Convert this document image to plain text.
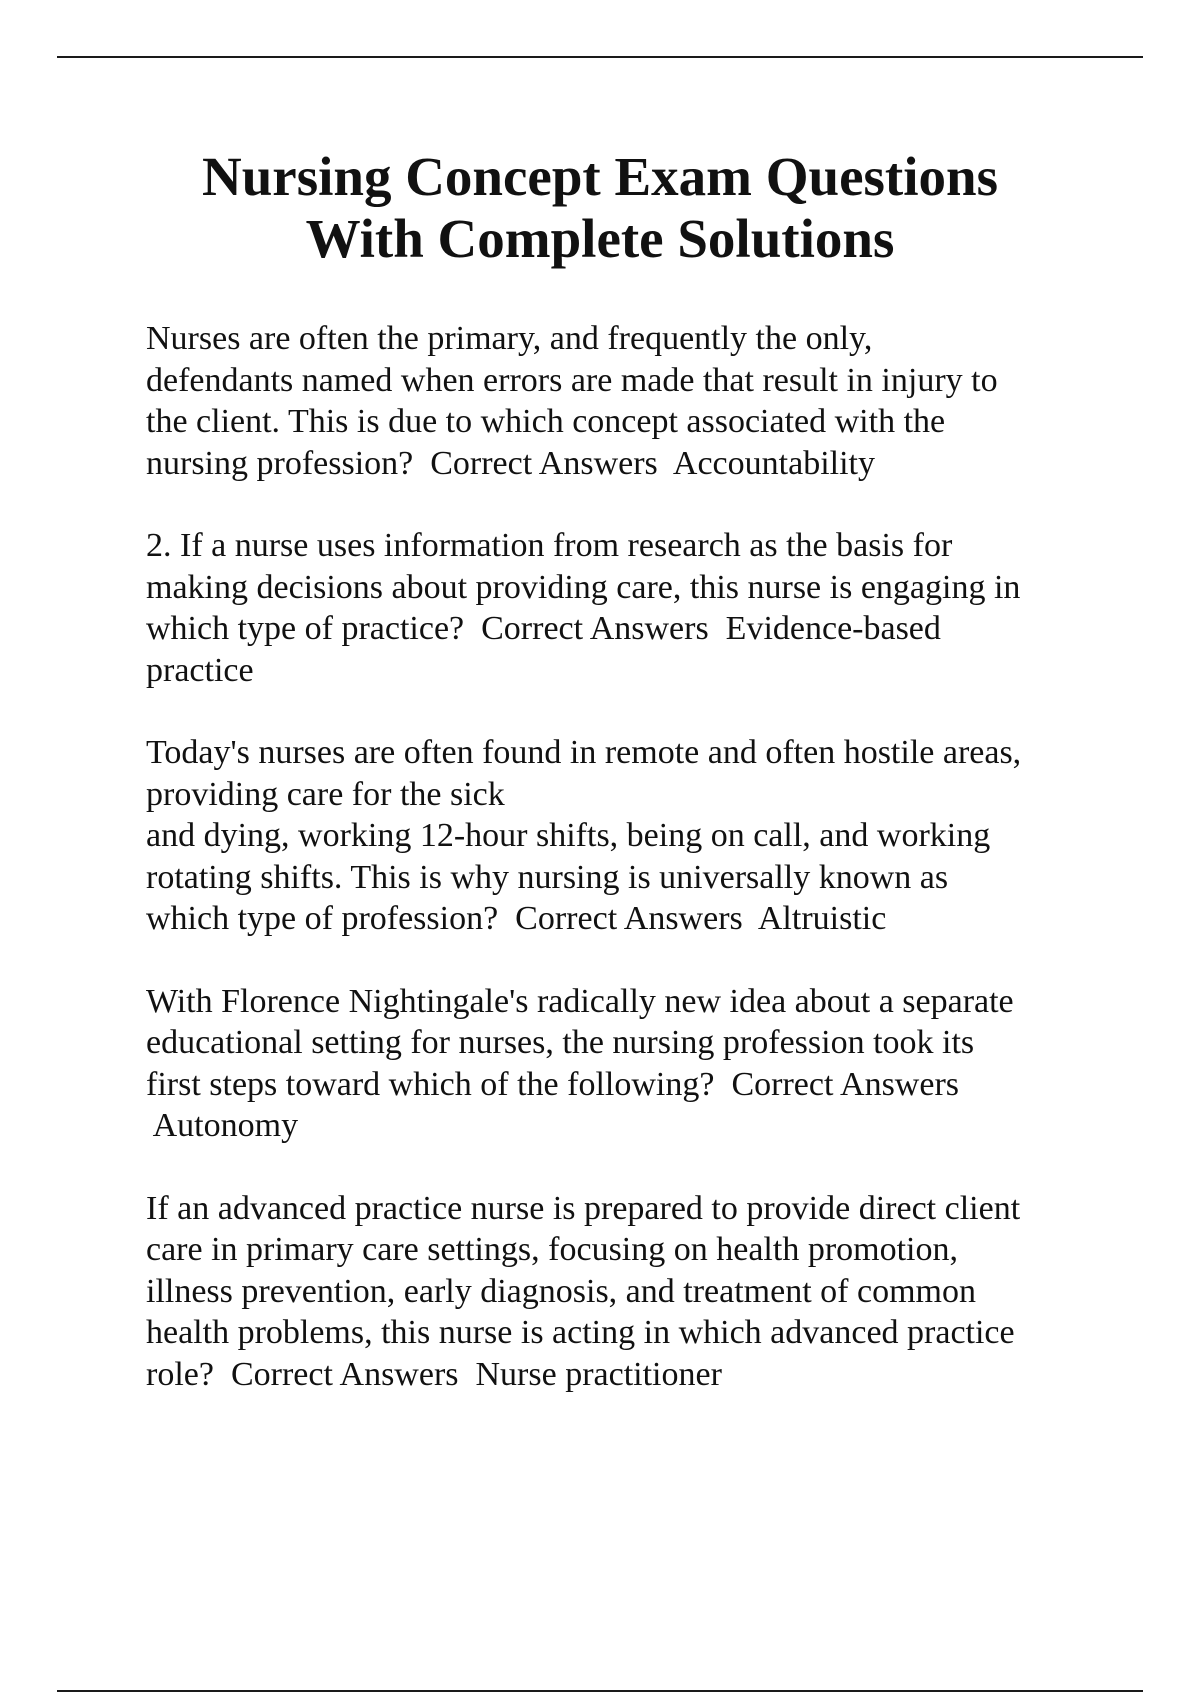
Nursing Concept Exam Questions
With Complete Solutions

Nurses are often the primary, and frequently the only,
defendants named when errors are made that result in injury to
the client. This is due to which concept associated with the
nursing profession?  Correct Answers  Accountability

2. If a nurse uses information from research as the basis for
making decisions about providing care, this nurse is engaging in
which type of practice?  Correct Answers  Evidence-based
practice

Today's nurses are often found in remote and often hostile areas,
providing care for the sick
and dying, working 12-hour shifts, being on call, and working
rotating shifts. This is why nursing is universally known as
which type of profession?  Correct Answers  Altruistic

With Florence Nightingale's radically new idea about a separate
educational setting for nurses, the nursing profession took its
first steps toward which of the following?  Correct Answers
Autonomy

If an advanced practice nurse is prepared to provide direct client
care in primary care settings, focusing on health promotion,
illness prevention, early diagnosis, and treatment of common
health problems, this nurse is acting in which advanced practice
role?  Correct Answers  Nurse practitioner
